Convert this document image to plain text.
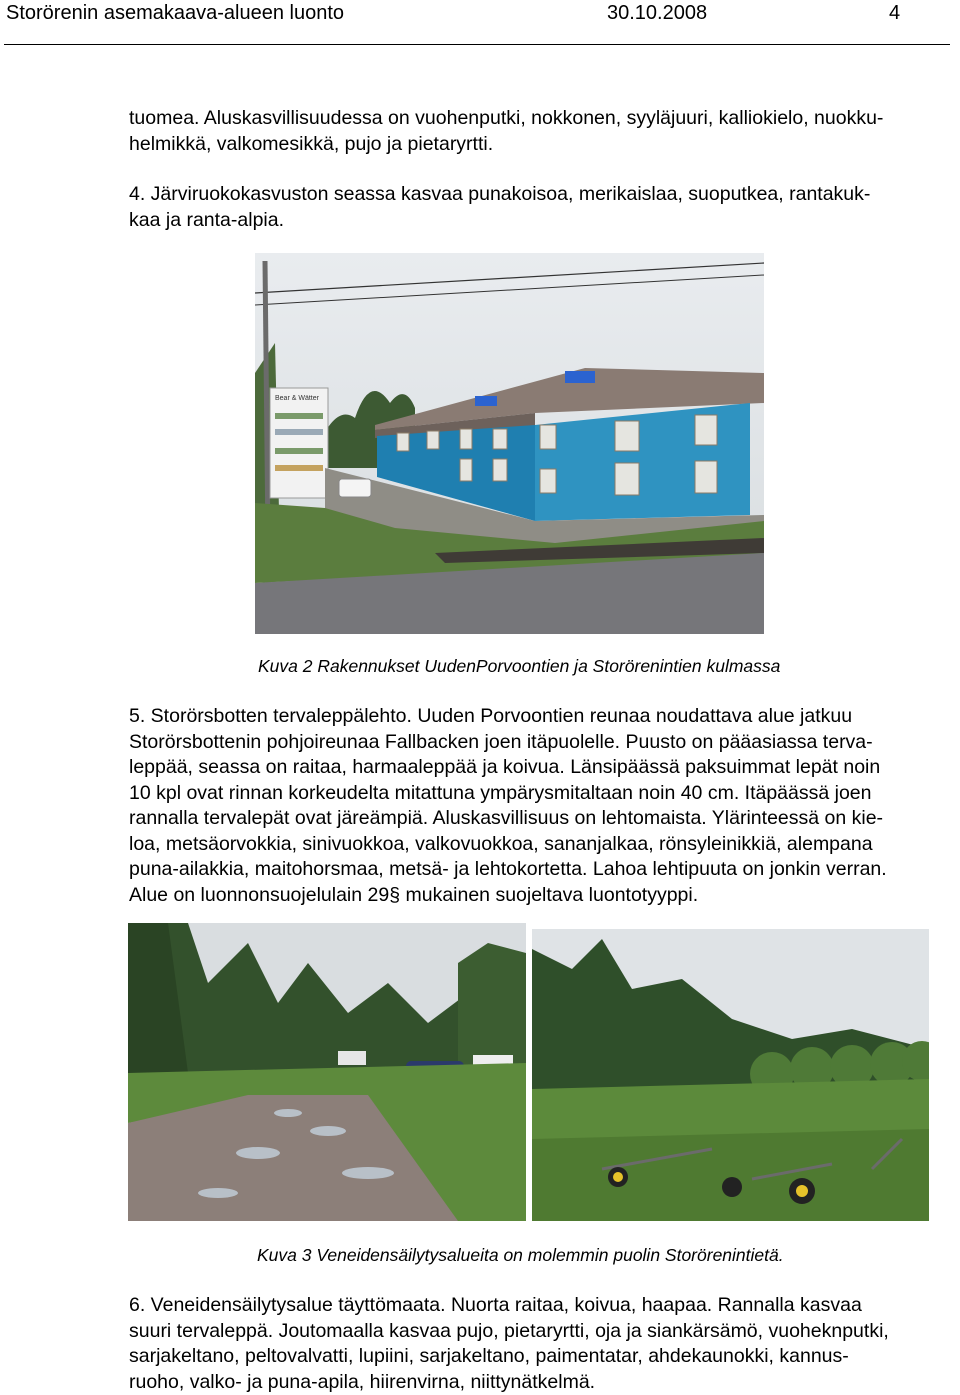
Storörenin asemakaava-alueen luonto	30.10.2008	4

tuomea. Aluskasvillisuudessa on vuohenputki, nokkonen, syyläjuuri, kalliokielo, nuokku-
helmikkä, valkomesikkä, pujo ja pietaryrtti.

4. Järviruokokasvuston seassa kasvaa punakoisoa, merikaislaa, suoputkea, rantakuk-
kaa ja ranta-alpia.

Bear & Wätter
Kuva 2 Rakennukset UudenPorvoontien ja Storörenintien kulmassa

5. Storörsbotten tervaleppälehto. Uuden Porvoontien reunaa noudattava alue jatkuu
Storörsbottenin pohjoireunaa Fallbacken joen itäpuolelle. Puusto on pääasiassa terva-
leppää, seassa on raitaa, harmaaleppää ja koivua. Länsipäässä paksuimmat lepät noin
10 kpl ovat rinnan korkeudelta mitattuna ympärysmitaltaan noin 40 cm. Itäpäässä joen
rannalla tervalepät ovat järeämpiä. Aluskasvillisuus on lehtomaista. Ylärinteessä on kie-
loa, metsäorvokkia, sinivuokkoa, valkovuokkoa, sananjalkaa, rönsyleinikkiä, alempana
puna-ailakkia, maitohorsmaa, metsä- ja lehtokortetta. Lahoa lehtipuuta on jonkin verran.
Alue on luonnonsuojelulain 29§ mukainen suojeltava luontotyyppi.

Kuva 3 Veneidensäilytysalueita on molemmin puolin Storörenintietä.

6. Veneidensäilytysalue täyttömaata. Nuorta raitaa, koivua, haapaa. Rannalla kasvaa
suuri tervaleppä. Joutomaalla kasvaa pujo, pietaryrtti, oja ja siankärsämö, vuoheknputki,
sarjakeltano, peltovalvatti, lupiini, sarjakeltano, paimentatar, ahdekaunokki, kannus-
ruoho, valko- ja puna-apila, hiirenvirna, niittynätkelmä.
